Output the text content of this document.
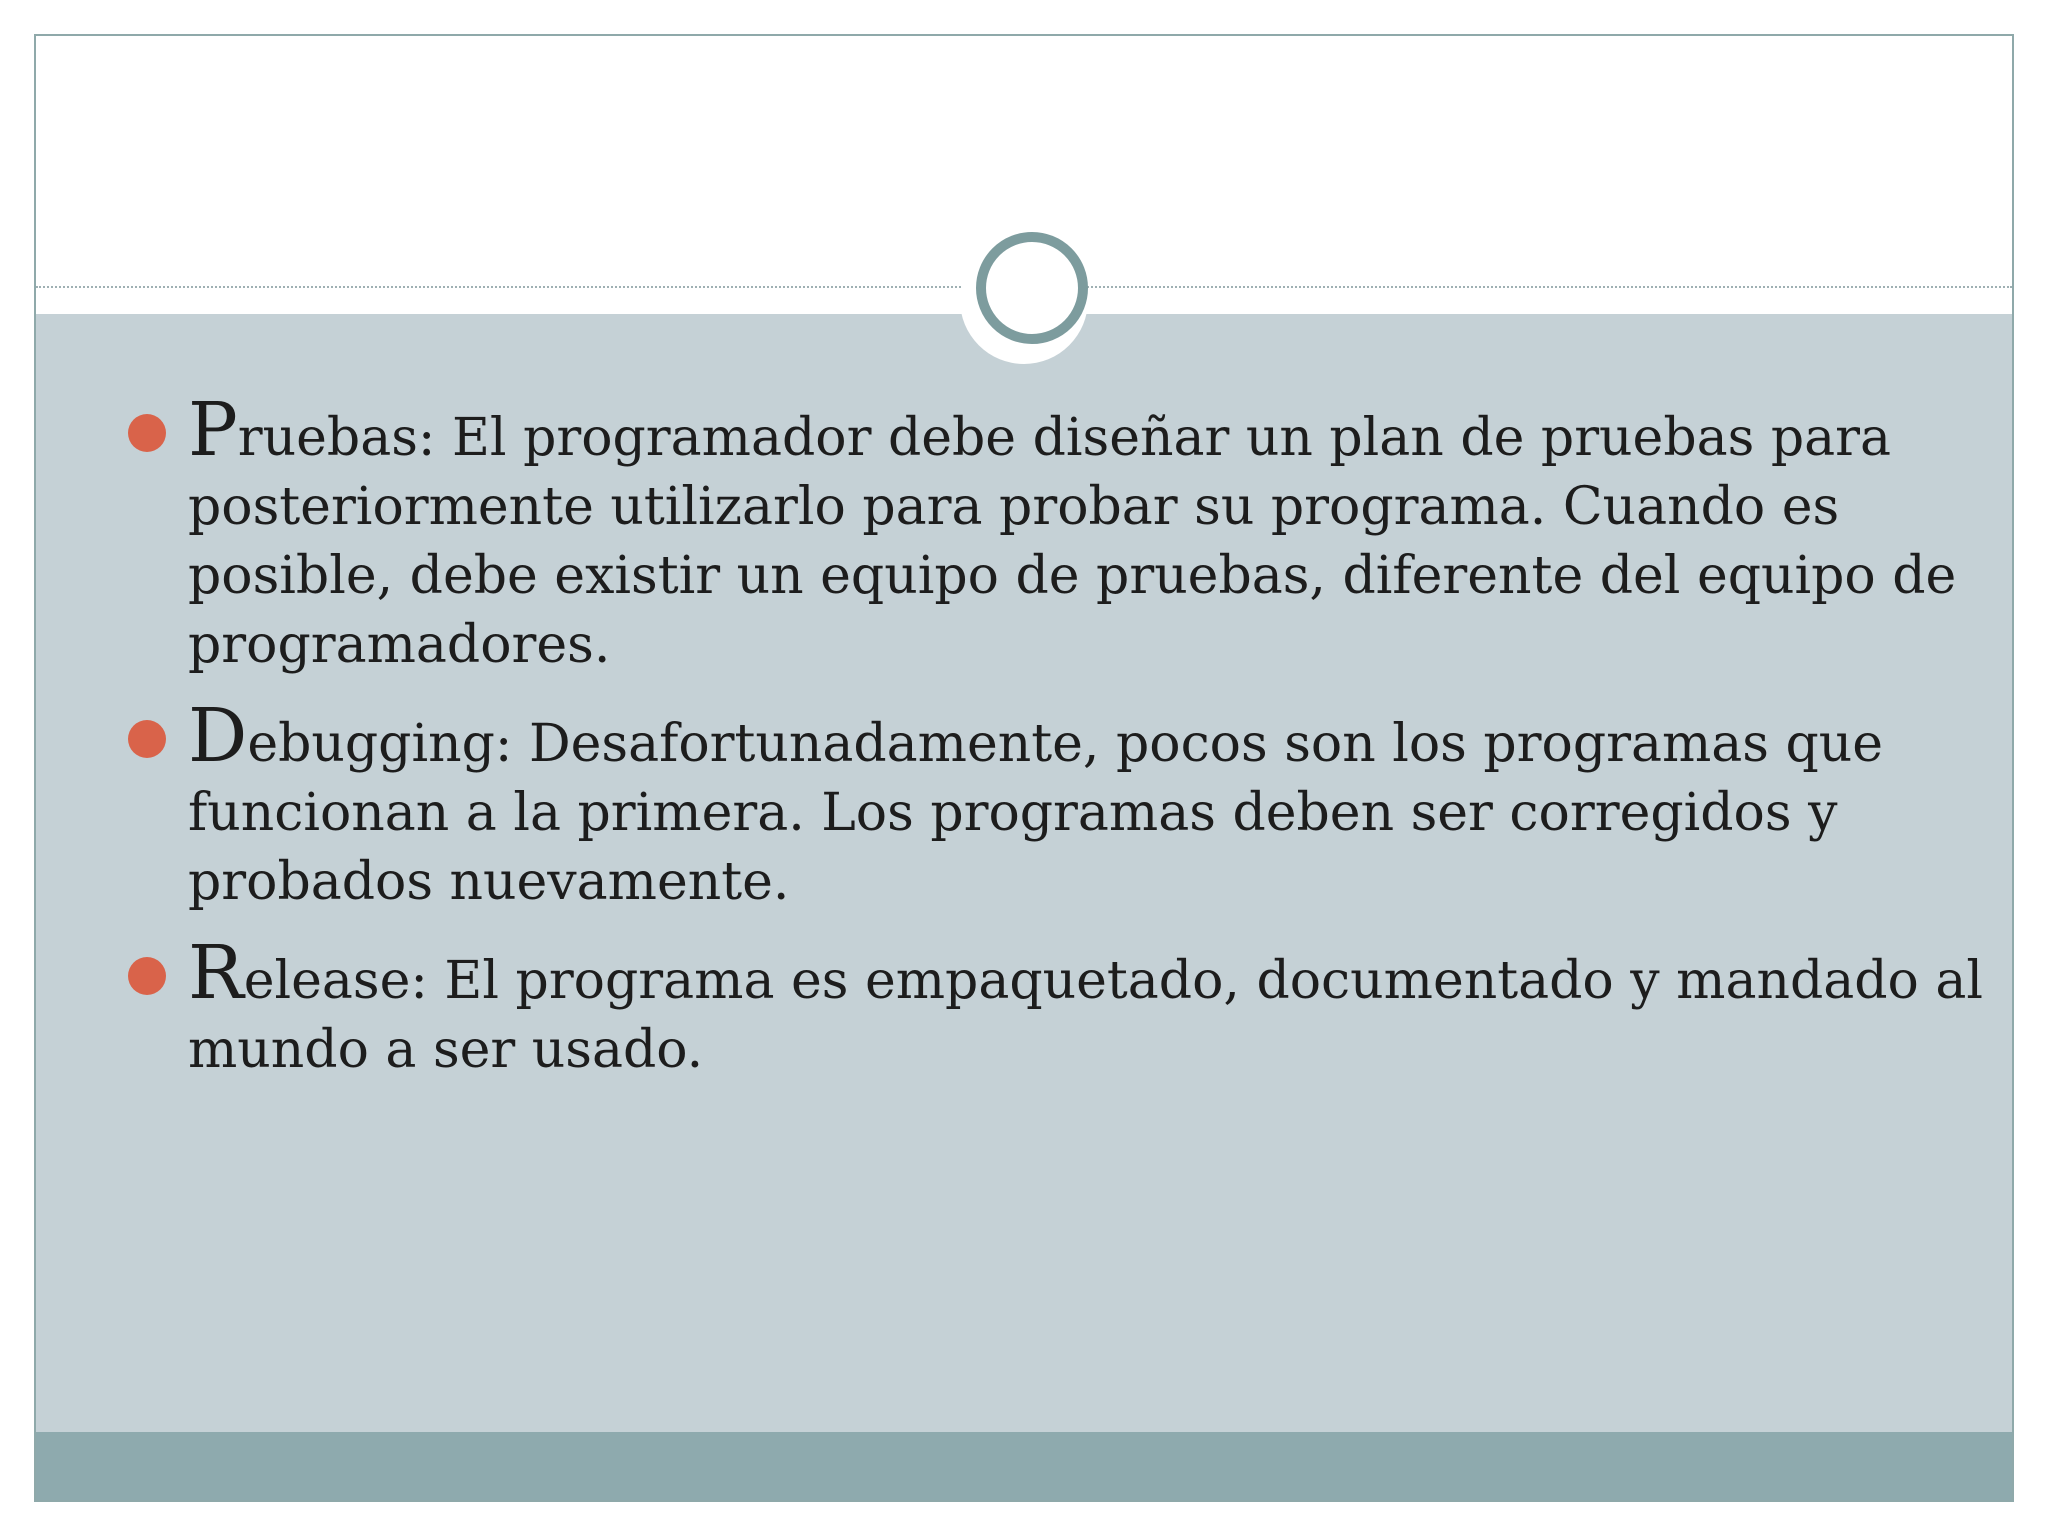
Pruebas: El programador debe diseñar un plan de pruebas para posteriormente utilizarlo para probar su programa. Cuando es posible, debe existir un equipo de pruebas, diferente del equipo de programadores.
Debugging: Desafortunadamente, pocos son los programas que funcionan a la primera. Los programas deben ser corregidos y probados nuevamente.
Release: El programa es empaquetado, documentado y mandado al mundo a ser usado.
